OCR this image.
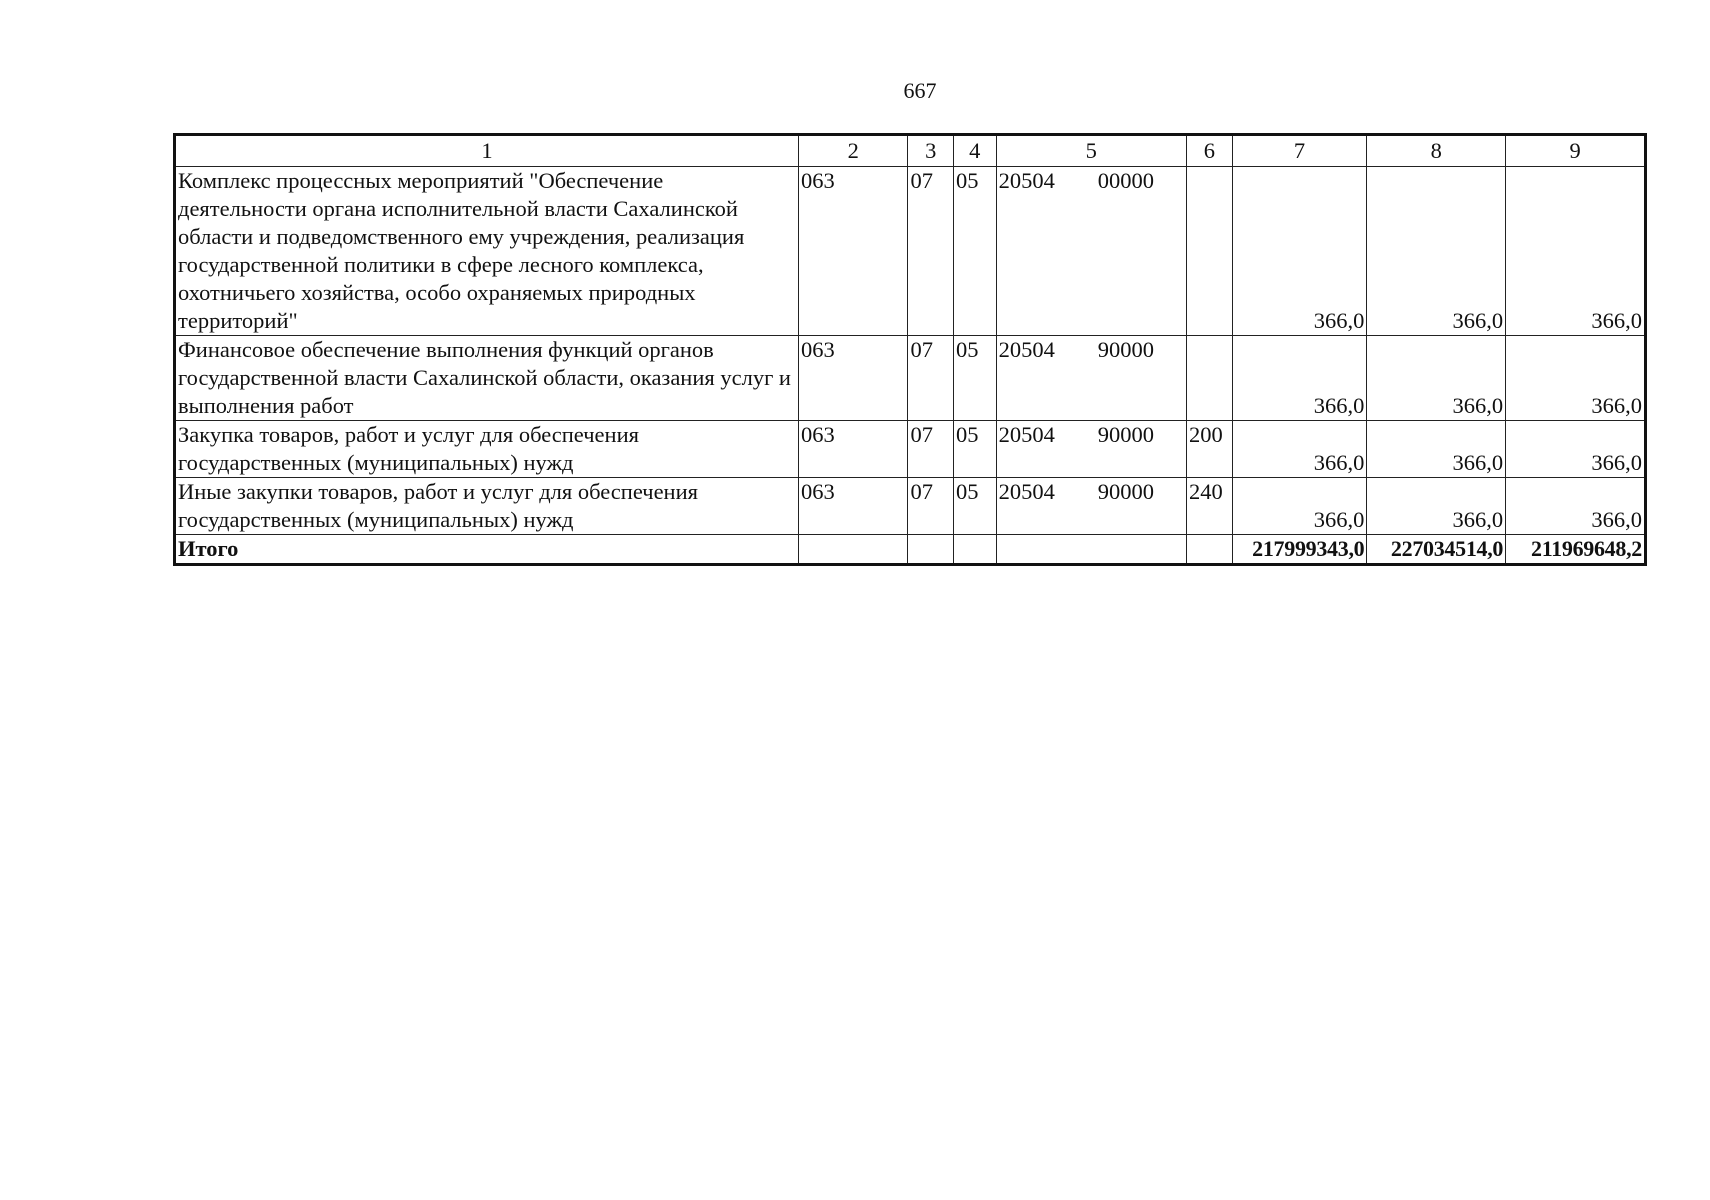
667
1	2	3	4	5	6	7	8	9
Комплекс процессных мероприятий "Обеспечение деятельности органа исполнительной власти Сахалинской области и подведомственного ему учреждения, реализация государственной политики в сфере лесного комплекса, охотничьего хозяйства, особо охраняемых природных территорий"	063	07	05	20504 00000		366,0	366,0	366,0
Финансовое обеспечение выполнения функций органов государственной власти Сахалинской области, оказания услуг и выполнения работ	063	07	05	20504 90000		366,0	366,0	366,0
Закупка товаров, работ и услуг для обеспечения государственных (муниципальных) нужд	063	07	05	20504 90000	200	366,0	366,0	366,0
Иные закупки товаров, работ и услуг для обеспечения государственных (муниципальных) нужд	063	07	05	20504 90000	240	366,0	366,0	366,0
Итого						217999343,0	227034514,0	211969648,2
